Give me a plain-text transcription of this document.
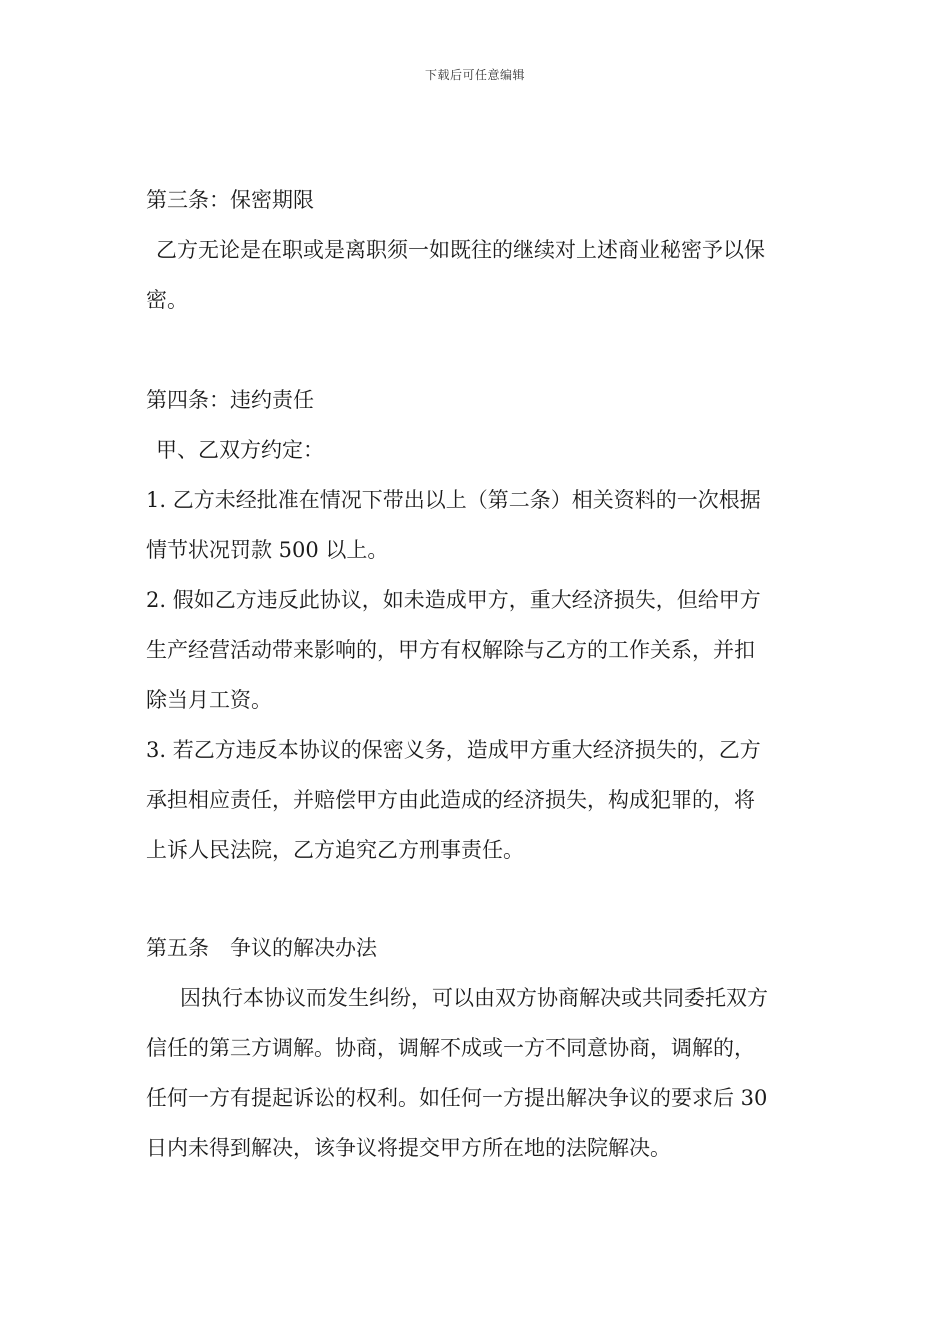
下载后可任意编辑
第三条：保密期限
乙方无论是在职或是离职须一如既往的继续对上述商业秘密予以保
密。
第四条：违约责任
甲、乙双方约定：
1. 乙方未经批准在情况下带出以上（第二条）相关资料的一次根据
情节状况罚款 500 以上。
2. 假如乙方违反此协议，如未造成甲方，重大经济损失，但给甲方
生产经营活动带来影响的，甲方有权解除与乙方的工作关系，并扣
除当月工资。
3. 若乙方违反本协议的保密义务，造成甲方重大经济损失的，乙方
承担相应责任，并赔偿甲方由此造成的经济损失，构成犯罪的，将
上诉人民法院，乙方追究乙方刑事责任。
第五条　争议的解决办法
因执行本协议而发生纠纷，可以由双方协商解决或共同委托双方
信任的第三方调解。协商，调解不成或一方不同意协商，调解的，
任何一方有提起诉讼的权利。如任何一方提出解决争议的要求后 30
日内未得到解决，该争议将提交甲方所在地的法院解决。
